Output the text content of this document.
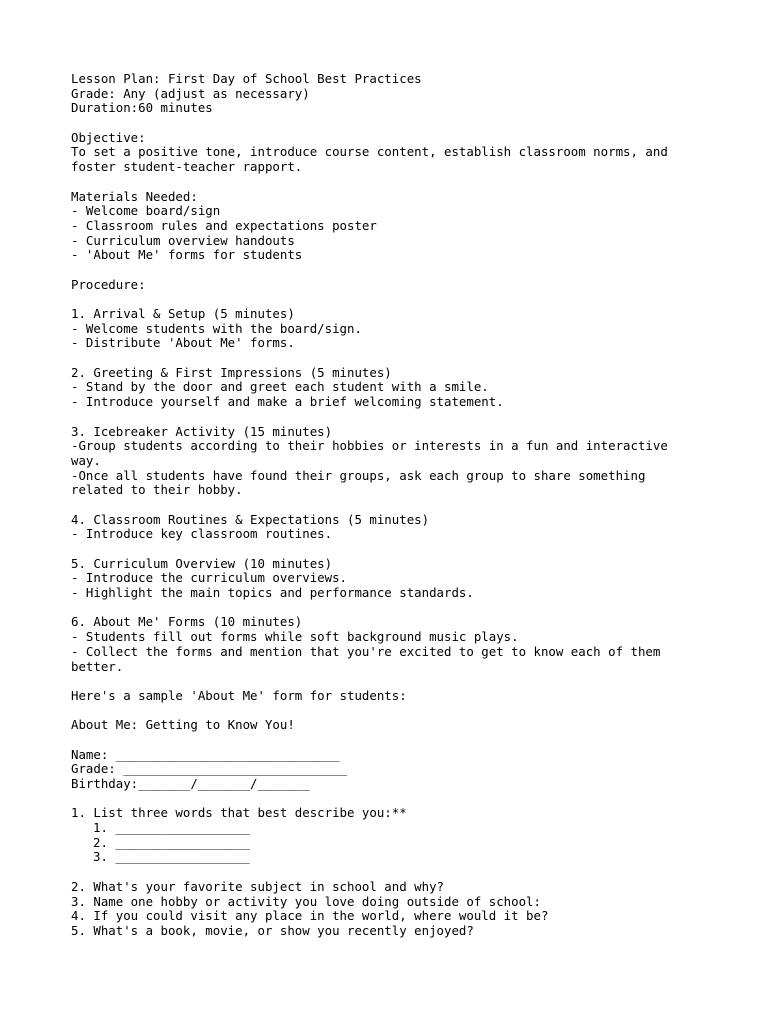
Lesson Plan: First Day of School Best Practices
Grade: Any (adjust as necessary)
Duration:60 minutes
Objective:
To set a positive tone, introduce course content, establish classroom norms, and
foster student-teacher rapport.
Materials Needed:
- Welcome board/sign
- Classroom rules and expectations poster
- Curriculum overview handouts
- 'About Me' forms for students
Procedure:
1. Arrival & Setup (5 minutes)
- Welcome students with the board/sign.
- Distribute 'About Me' forms.
2. Greeting & First Impressions (5 minutes)
- Stand by the door and greet each student with a smile.
- Introduce yourself and make a brief welcoming statement.
3. Icebreaker Activity (15 minutes)
-Group students according to their hobbies or interests in a fun and interactive
way.
-Once all students have found their groups, ask each group to share something
related to their hobby.
4. Classroom Routines & Expectations (5 minutes)
- Introduce key classroom routines.
5. Curriculum Overview (10 minutes)
- Introduce the curriculum overviews.
- Highlight the main topics and performance standards.
6. About Me' Forms (10 minutes)
- Students fill out forms while soft background music plays.
- Collect the forms and mention that you're excited to get to know each of them
better.
Here's a sample 'About Me' form for students:
About Me: Getting to Know You!
Name: ______________________________
Grade: ______________________________
Birthday:_______/_______/_______
1. List three words that best describe you:**
1. __________________
2. __________________
3. __________________
2. What's your favorite subject in school and why?
3. Name one hobby or activity you love doing outside of school:
4. If you could visit any place in the world, where would it be?
5. What's a book, movie, or show you recently enjoyed?
